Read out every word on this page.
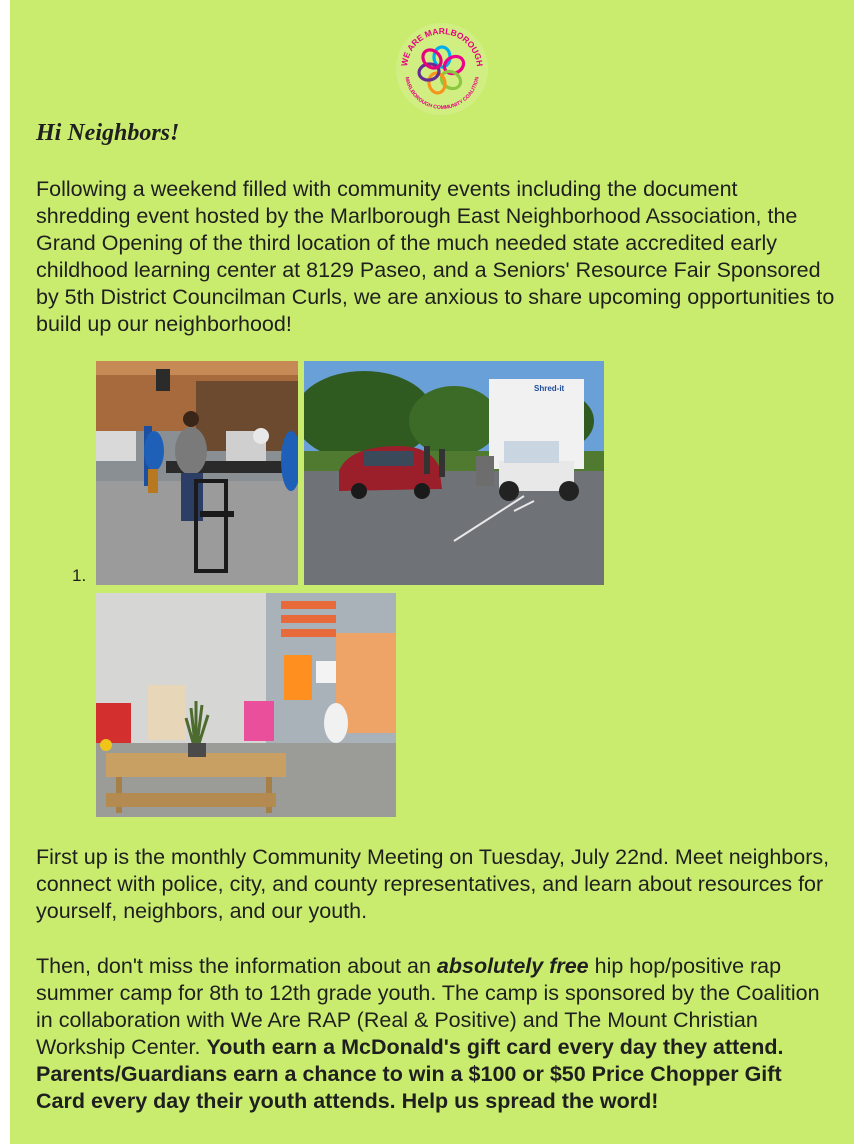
WE ARE MARLBOROUGH
MARLBOROUGH COMMUNITY COALITION
Hi Neighbors!

Following a weekend filled with community events including the document shredding event hosted by the Marlborough East Neighborhood Association, the Grand Opening of the third location of the much needed state accredited early childhood learning center at 8129 Paseo, and a Seniors' Resource Fair Sponsored by 5th District Councilman Curls, we are anxious to share upcoming opportunities to build up our neighborhood!

1.
Shred-it

First up is the monthly Community Meeting on Tuesday, July 22nd. Meet neighbors, connect with police, city, and county representatives, and learn about resources for yourself, neighbors, and our youth.

Then, don't miss the information about an absolutely free hip hop/positive rap summer camp for 8th to 12th grade youth. The camp is sponsored by the Coalition in collaboration with We Are RAP (Real & Positive) and The Mount Christian Workship Center. Youth earn a McDonald's gift card every day they attend. Parents/Guardians earn a chance to win a $100 or $50 Price Chopper Gift Card every day their youth attends. Help us spread the word!
